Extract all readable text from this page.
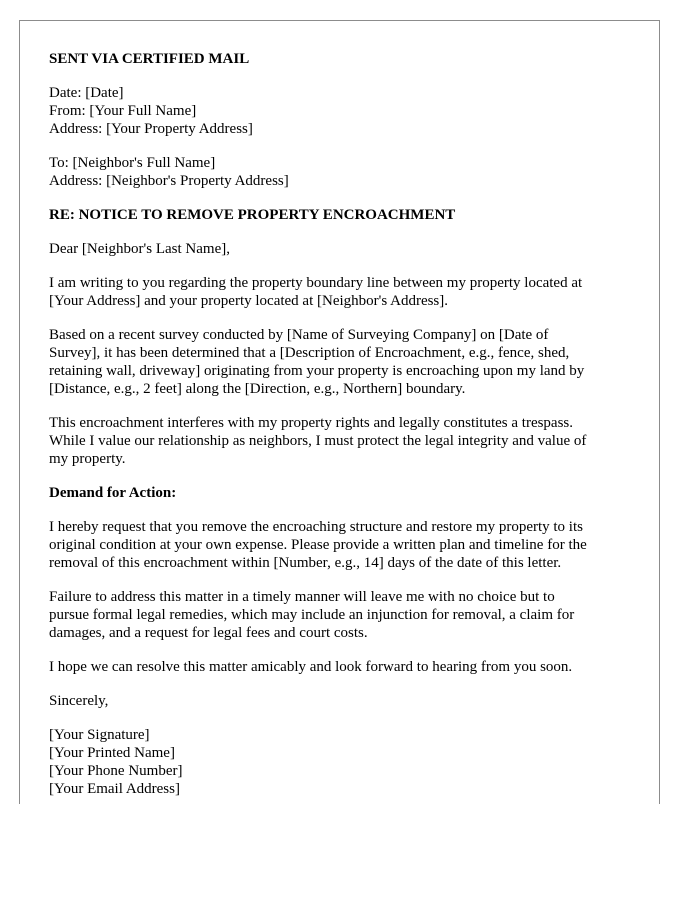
SENT VIA CERTIFIED MAIL
Date: [Date]
From: [Your Full Name]
Address: [Your Property Address]
To: [Neighbor's Full Name]
Address: [Neighbor's Property Address]
RE: NOTICE TO REMOVE PROPERTY ENCROACHMENT
Dear [Neighbor's Last Name],

I am writing to you regarding the property boundary line between my property located at
[Your Address] and your property located at [Neighbor's Address].

Based on a recent survey conducted by [Name of Surveying Company] on [Date of
Survey], it has been determined that a [Description of Encroachment, e.g., fence, shed,
retaining wall, driveway] originating from your property is encroaching upon my land by
[Distance, e.g., 2 feet] along the [Direction, e.g., Northern] boundary.

This encroachment interferes with my property rights and legally constitutes a trespass.
While I value our relationship as neighbors, I must protect the legal integrity and value of
my property.

Demand for Action:

I hereby request that you remove the encroaching structure and restore my property to its
original condition at your own expense. Please provide a written plan and timeline for the
removal of this encroachment within [Number, e.g., 14] days of the date of this letter.

Failure to address this matter in a timely manner will leave me with no choice but to
pursue formal legal remedies, which may include an injunction for removal, a claim for
damages, and a request for legal fees and court costs.

I hope we can resolve this matter amicably and look forward to hearing from you soon.
Sincerely,
[Your Signature]
[Your Printed Name]
[Your Phone Number]
[Your Email Address]
